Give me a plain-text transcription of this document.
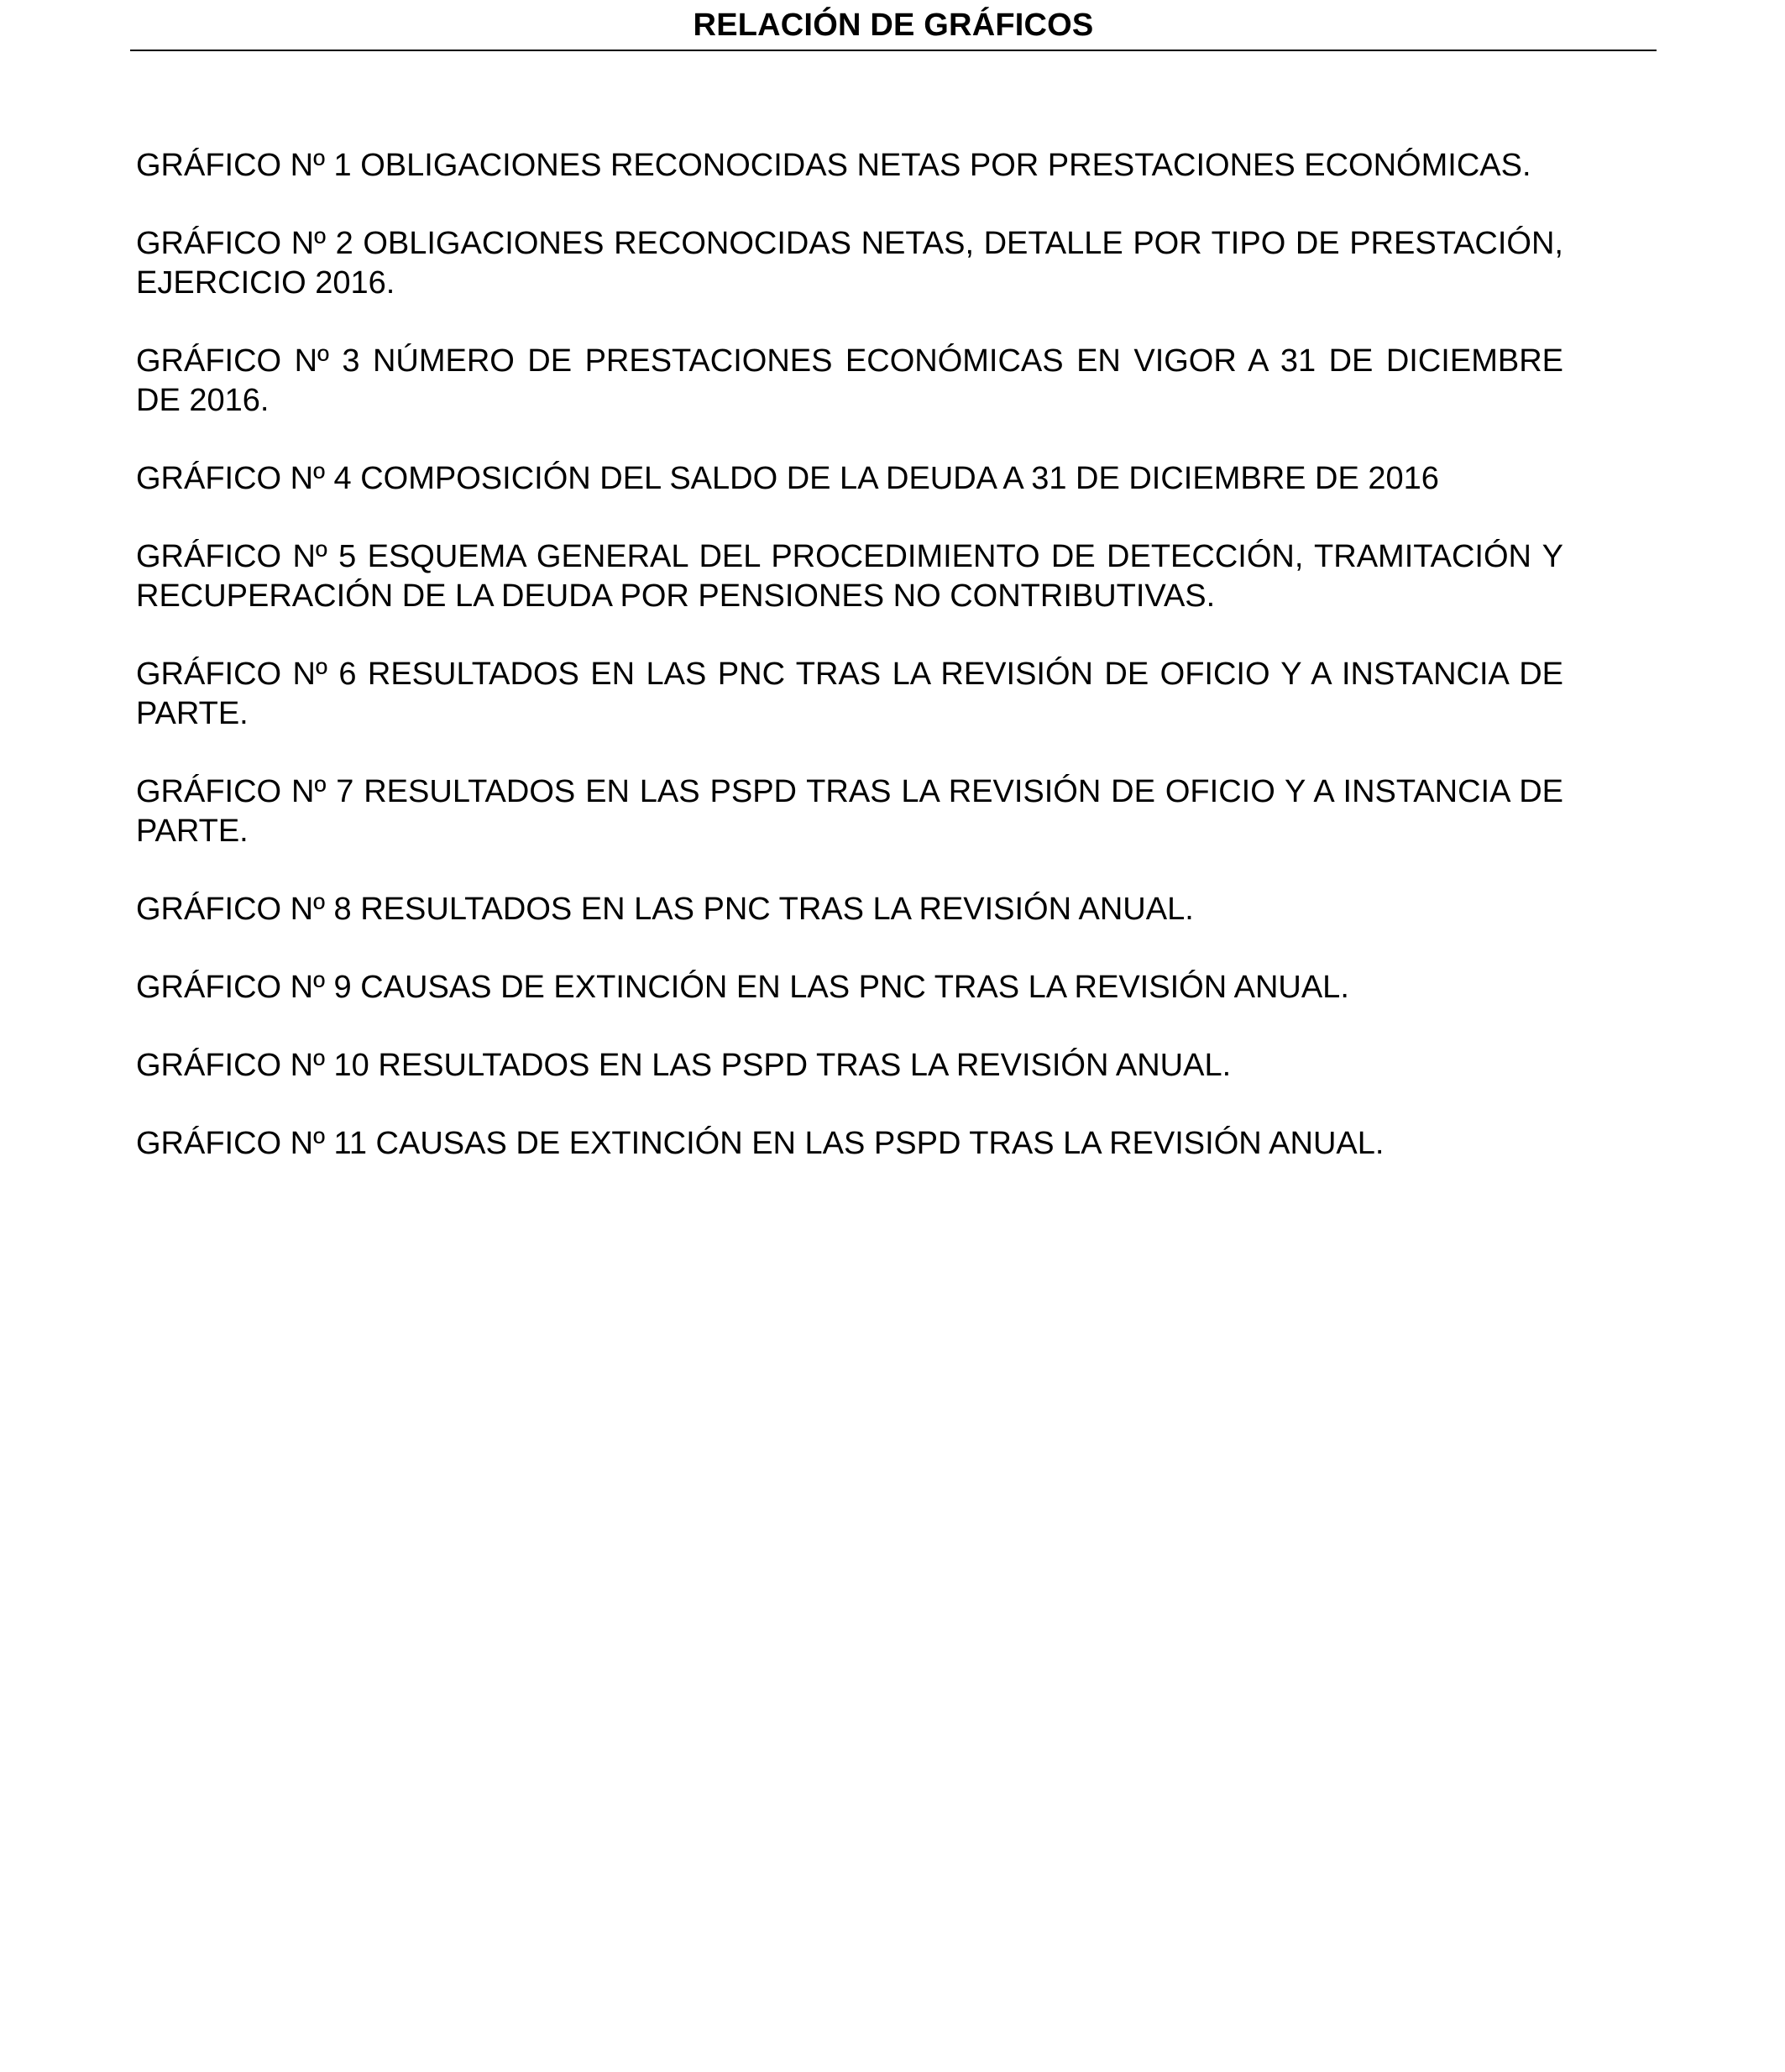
RELACIÓN DE GRÁFICOS

GRÁFICO Nº 1 OBLIGACIONES RECONOCIDAS NETAS POR PRESTACIONES ECONÓMICAS.

GRÁFICO Nº 2 OBLIGACIONES RECONOCIDAS NETAS, DETALLE POR TIPO DE PRESTACIÓN, EJERCICIO 2016.

GRÁFICO Nº 3 NÚMERO DE PRESTACIONES ECONÓMICAS EN VIGOR A 31 DE DICIEMBRE DE 2016.

GRÁFICO Nº 4 COMPOSICIÓN DEL SALDO DE LA DEUDA A 31 DE DICIEMBRE DE 2016

GRÁFICO Nº 5 ESQUEMA GENERAL DEL PROCEDIMIENTO DE DETECCIÓN, TRAMITACIÓN Y RECUPERACIÓN DE LA DEUDA POR PENSIONES NO CONTRIBUTIVAS.

GRÁFICO Nº 6 RESULTADOS EN LAS PNC TRAS LA REVISIÓN DE OFICIO Y A INSTANCIA DE PARTE.

GRÁFICO Nº 7 RESULTADOS EN LAS PSPD TRAS LA REVISIÓN DE OFICIO Y A INSTANCIA DE PARTE.

GRÁFICO Nº 8 RESULTADOS EN LAS PNC TRAS LA REVISIÓN ANUAL.

GRÁFICO Nº 9 CAUSAS DE EXTINCIÓN EN LAS PNC TRAS LA REVISIÓN ANUAL.

GRÁFICO Nº 10 RESULTADOS EN LAS PSPD TRAS LA REVISIÓN ANUAL.

GRÁFICO Nº 11 CAUSAS DE EXTINCIÓN EN LAS PSPD TRAS LA REVISIÓN ANUAL.
